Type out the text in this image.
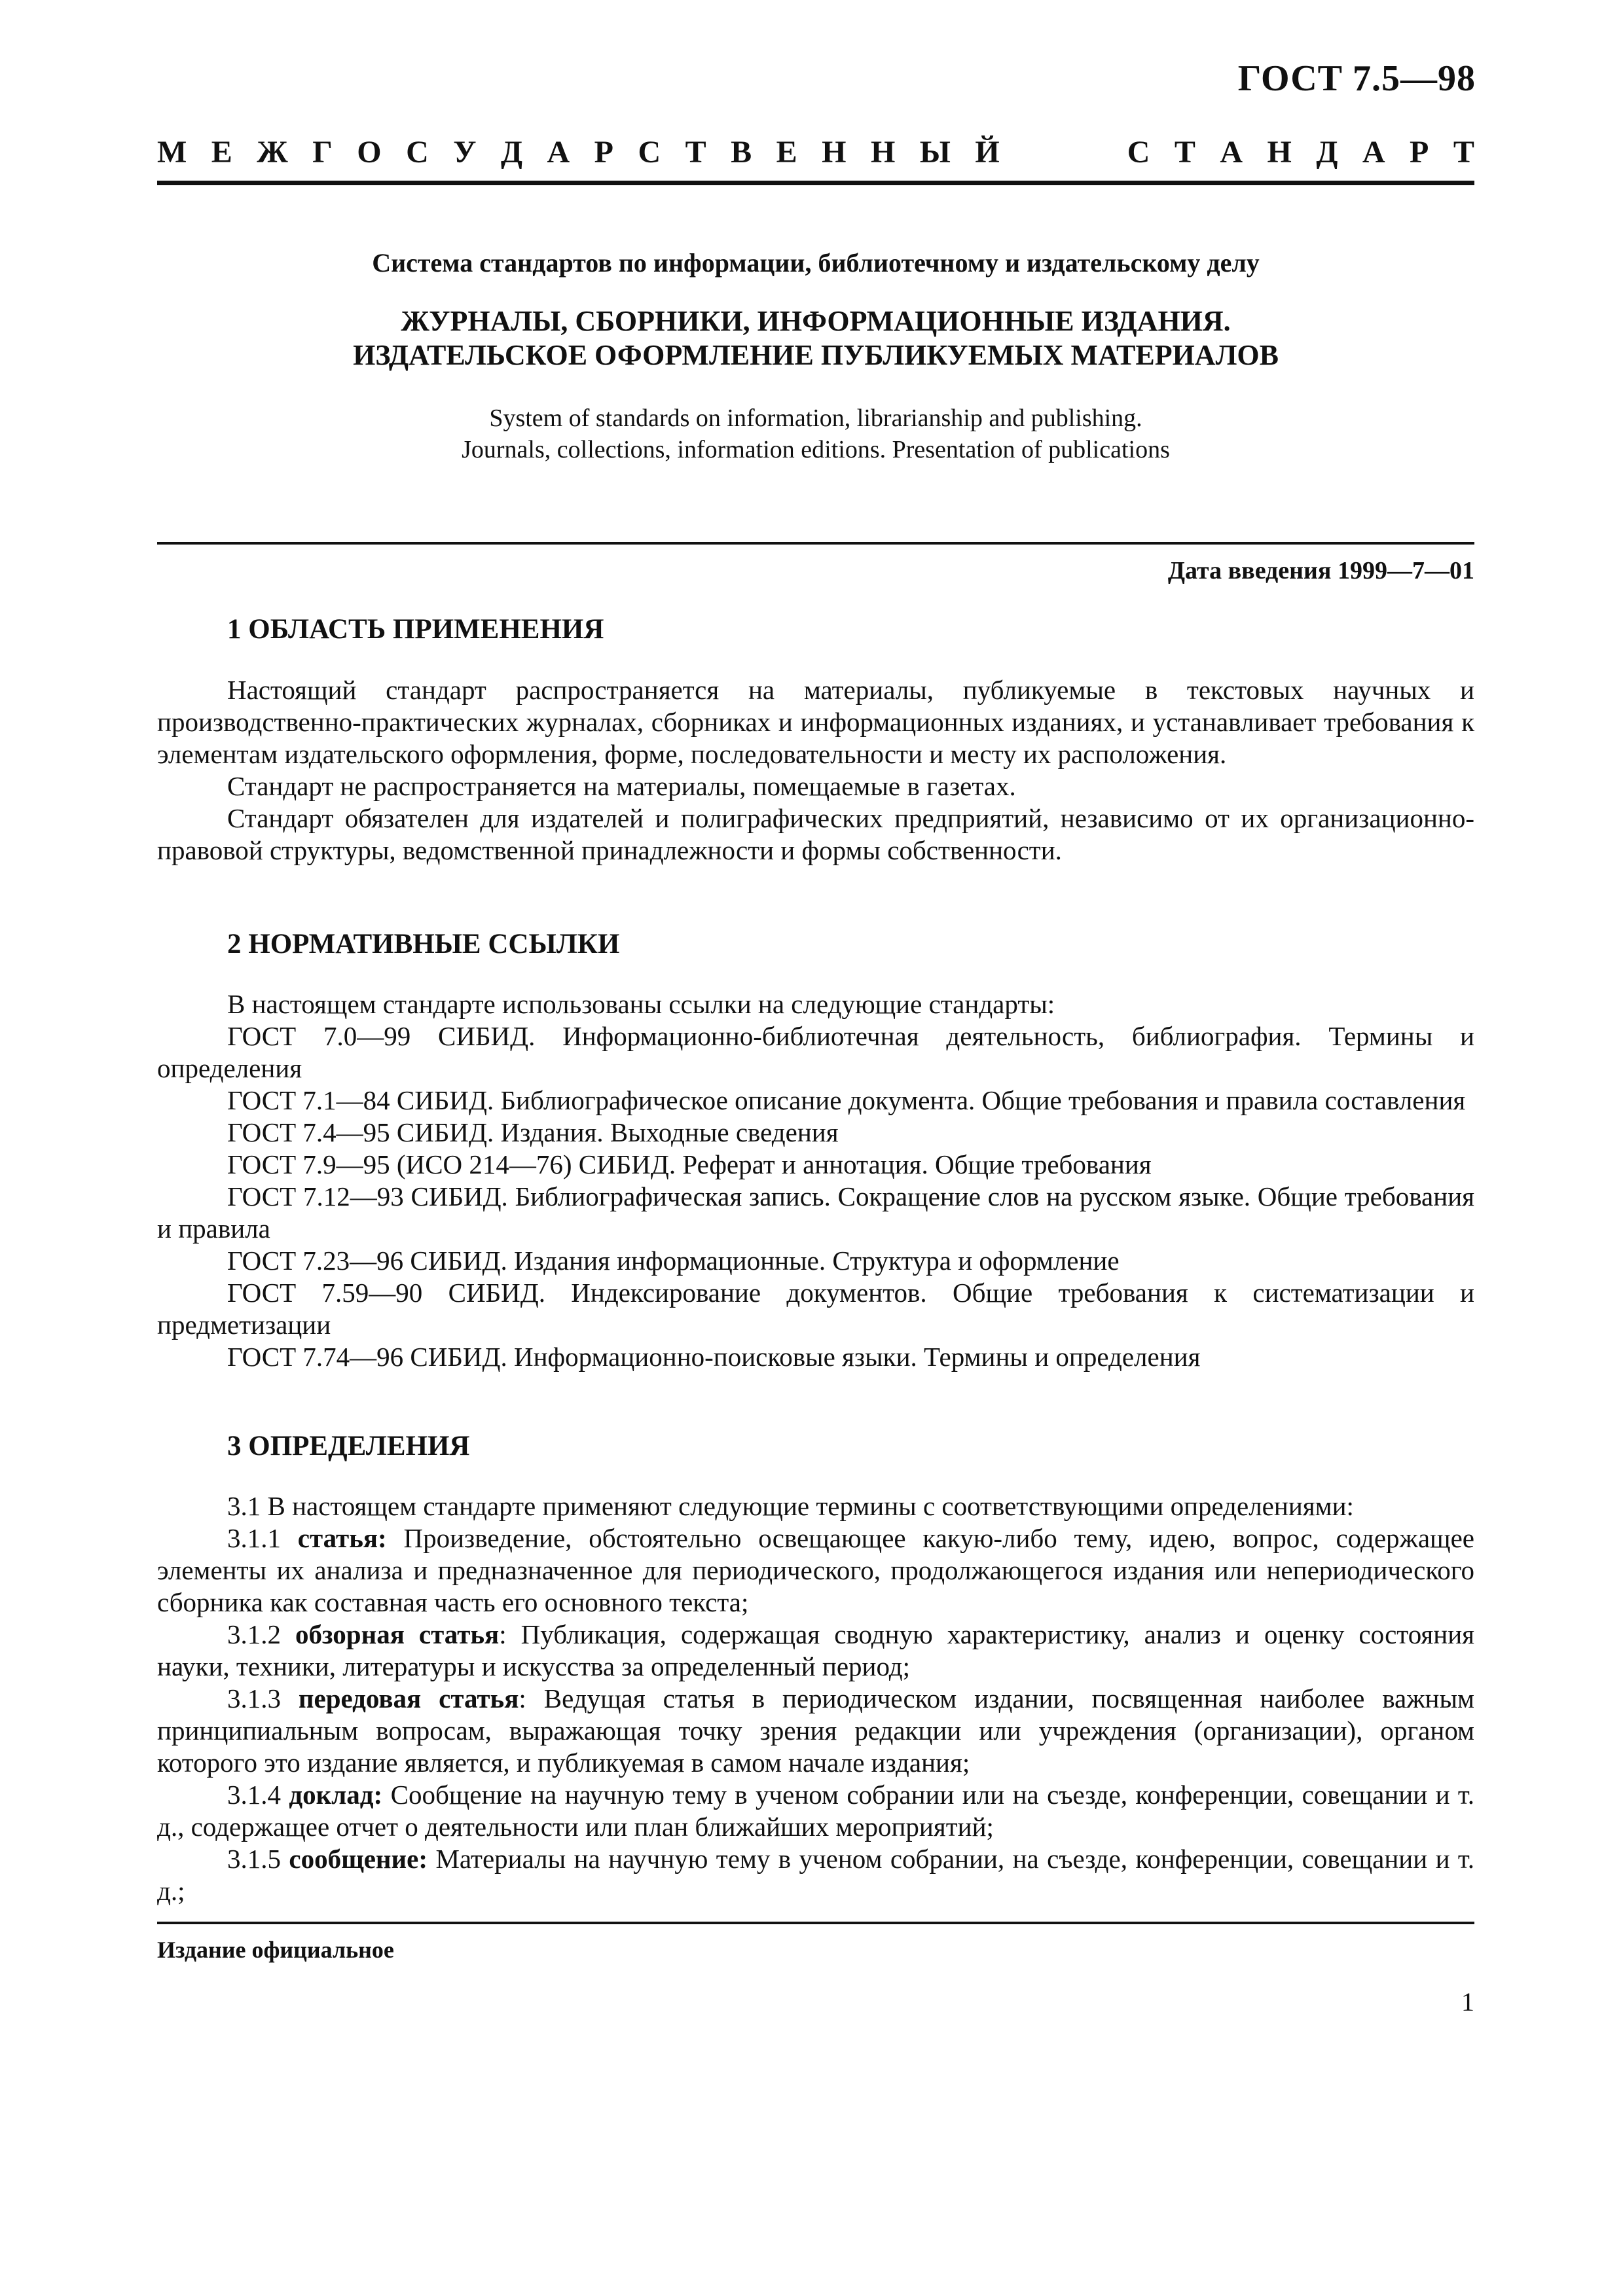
ГОСТ 7.5—98
М Е Ж Г О С У Д А Р С Т В Е Н Н Ы Й	С Т А Н Д А Р Т
Система стандартов по информации, библиотечному и издательскому делу
ЖУРНАЛЫ, СБОРНИКИ, ИНФОРМАЦИОННЫЕ ИЗДАНИЯ.
ИЗДАТЕЛЬСКОЕ ОФОРМЛЕНИЕ ПУБЛИКУЕМЫХ МАТЕРИАЛОВ
System of standards on information, librarianship and publishing.
Journals, collections, information editions. Presentation of publications
Дата введения 1999—7—01
1 ОБЛАСТЬ ПРИМЕНЕНИЯ

Настоящий стандарт распространяется на материалы, публикуемые в текстовых научных и производственно-практических журналах, сборниках и информационных изданиях, и устанавливает требования к элементам издательского оформления, форме, последовательности и месту их расположения.

Стандарт не распространяется на материалы, помещаемые в газетах.

Стандарт обязателен для издателей и полиграфических предприятий, независимо от их организационно-правовой структуры, ведомственной принадлежности и формы собственности.

2 НОРМАТИВНЫЕ ССЫЛКИ

В настоящем стандарте использованы ссылки на следующие стандарты:

ГОСТ 7.0—99 СИБИД. Информационно-библиотечная деятельность, библиография. Термины и определения

ГОСТ 7.1—84 СИБИД. Библиографическое описание документа. Общие требования и правила составления

ГОСТ 7.4—95 СИБИД. Издания. Выходные сведения

ГОСТ 7.9—95 (ИСО 214—76) СИБИД. Реферат и аннотация. Общие требования

ГОСТ 7.12—93 СИБИД. Библиографическая запись. Сокращение слов на русском языке. Общие требования и правила

ГОСТ 7.23—96 СИБИД. Издания информационные. Структура и оформление

ГОСТ 7.59—90 СИБИД. Индексирование документов. Общие требования к систематизации и предметизации

ГОСТ 7.74—96 СИБИД. Информационно-поисковые языки. Термины и определения

3 ОПРЕДЕЛЕНИЯ

3.1 В настоящем стандарте применяют следующие термины с соответствующими определениями:

3.1.1 статья: Произведение, обстоятельно освещающее какую-либо тему, идею, вопрос, содержащее элементы их анализа и предназначенное для периодического, продолжающегося издания или непериодического сборника как составная часть его основного текста;

3.1.2 обзорная статья: Публикация, содержащая сводную характеристику, анализ и оценку состояния науки, техники, литературы и искусства за определенный период;

3.1.3 передовая статья: Ведущая статья в периодическом издании, посвященная наиболее важным принципиальным вопросам, выражающая точку зрения редакции или учреждения (организации), органом которого это издание является, и публикуемая в самом начале издания;

3.1.4 доклад: Сообщение на научную тему в ученом собрании или на съезде, конференции, совещании и т. д., содержащее отчет о деятельности или план ближайших мероприятий;

3.1.5 сообщение: Материалы на научную тему в ученом собрании, на съезде, конференции, совещании и т. д.;

Издание официальное
1
